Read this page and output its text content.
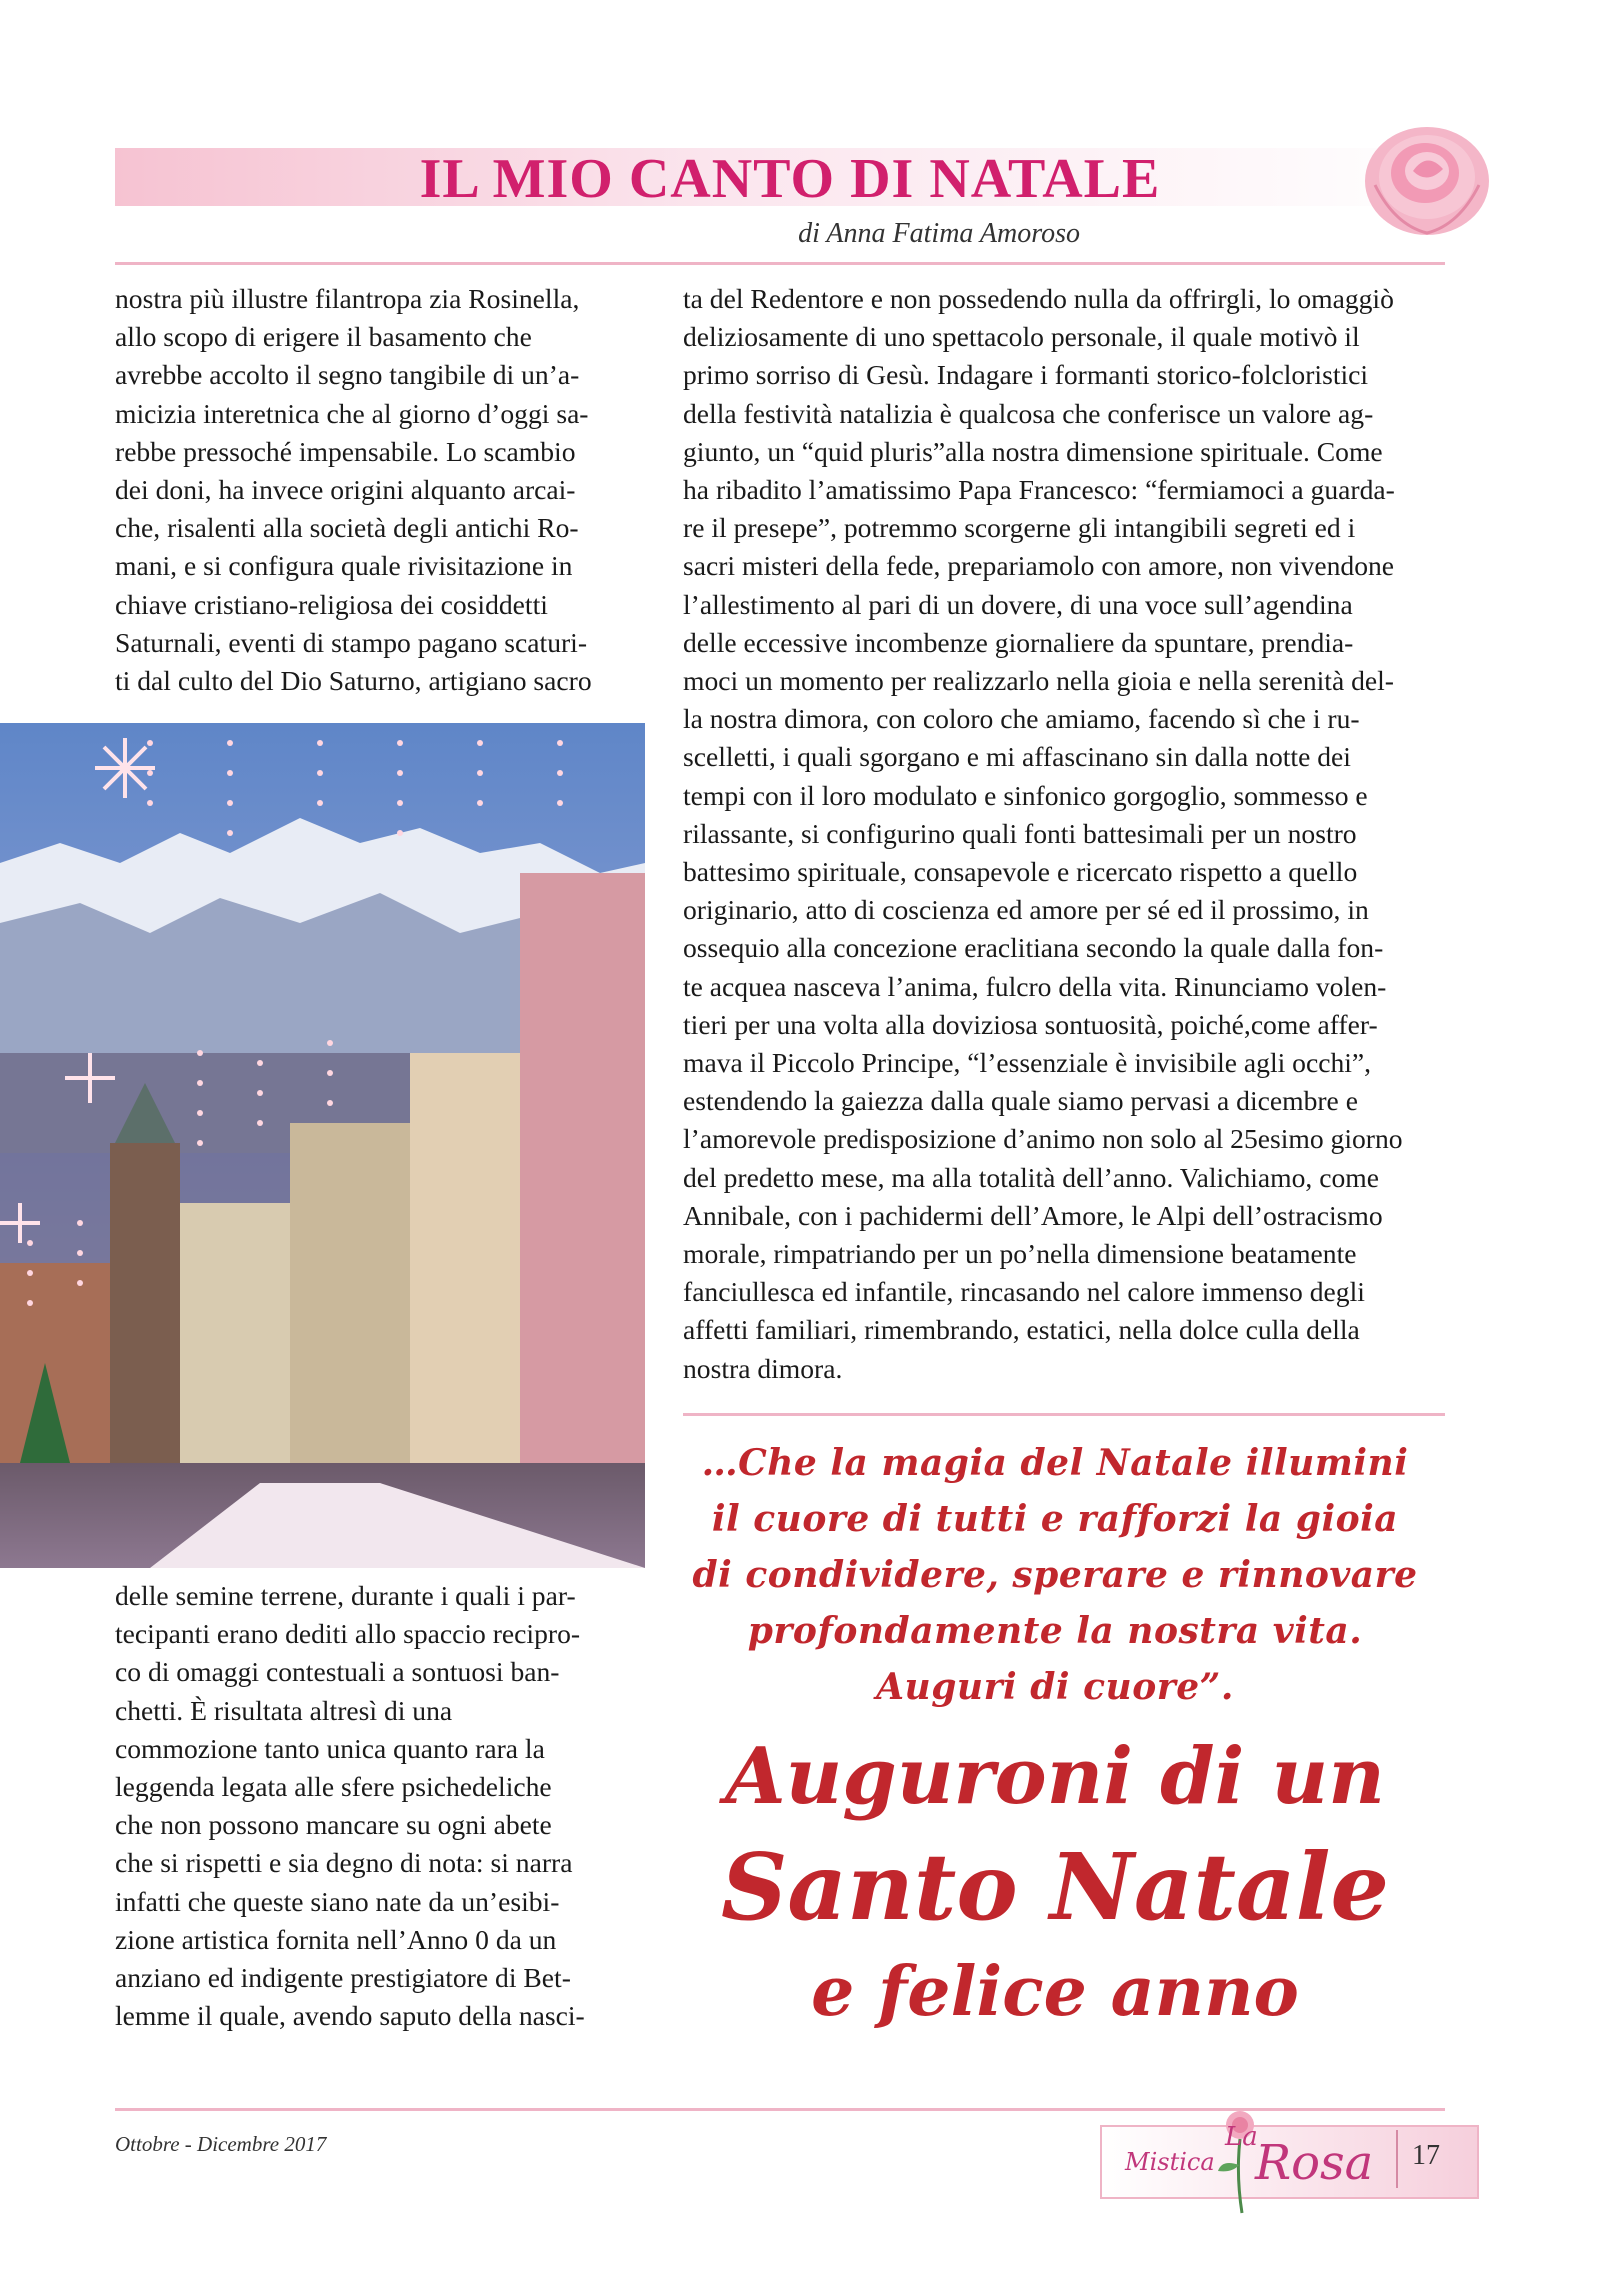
IL MIO CANTO DI NATALE
di Anna Fatima Amoroso

nostra più illustre filantropa zia Rosinella,

allo scopo di erigere il basamento che

avrebbe accolto il segno tangibile di un’a-

micizia interetnica che al giorno d’oggi sa-

rebbe pressoché impensabile. Lo scambio

dei doni, ha invece origini alquanto arcai-

che, risalenti alla società degli antichi Ro-

mani, e si configura quale rivisitazione in

chiave cristiano-religiosa dei cosiddetti

Saturnali, eventi di stampo pagano scaturi-

ti dal culto del Dio Saturno, artigiano sacro

delle semine terrene, durante i quali i par-

tecipanti erano dediti allo spaccio recipro-

co di omaggi contestuali a sontuosi ban-

chetti. È risultata altresì di una

commozione tanto unica quanto rara la

leggenda legata alle sfere psichedeliche

che non possono mancare su ogni abete

che si rispetti e sia degno di nota: si narra

infatti che queste siano nate da un’esibi-

zione artistica fornita nell’Anno 0 da un

anziano ed indigente prestigiatore di Bet-

lemme il quale, avendo saputo della nasci-

ta del Redentore e non possedendo nulla da offrirgli, lo omaggiò

deliziosamente di uno spettacolo personale, il quale motivò il

primo sorriso di Gesù. Indagare i formanti storico-folcloristici

della festività natalizia è qualcosa che conferisce un valore ag-

giunto, un “quid pluris”alla nostra dimensione spirituale. Come

ha ribadito l’amatissimo Papa Francesco: “fermiamoci a guarda-

re il presepe”, potremmo scorgerne gli intangibili segreti ed i

sacri misteri della fede, prepariamolo con amore, non vivendone

l’allestimento al pari di un dovere, di una voce sull’agendina

delle eccessive incombenze giornaliere da spuntare, prendia-

moci un momento per realizzarlo nella gioia e nella serenità del-

la nostra dimora, con coloro che amiamo, facendo sì che i ru-

scelletti, i quali sgorgano e mi affascinano sin dalla notte dei

tempi con il loro modulato e sinfonico gorgoglio, sommesso e

rilassante, si configurino quali fonti battesimali per un nostro

battesimo spirituale, consapevole e ricercato rispetto a quello

originario, atto di coscienza ed amore per sé ed il prossimo, in

ossequio alla concezione eraclitiana secondo la quale dalla fon-

te acquea nasceva l’anima, fulcro della vita. Rinunciamo volen-

tieri per una volta alla doviziosa sontuosità, poiché,come affer-

mava il Piccolo Principe, “l’essenziale è invisibile agli occhi”,

estendendo la gaiezza dalla quale siamo pervasi a dicembre e

l’amorevole predisposizione d’animo non solo al 25esimo giorno

del predetto mese, ma alla totalità dell’anno. Valichiamo, come

Annibale, con i pachidermi dell’Amore, le Alpi dell’ostracismo

morale, rimpatriando per un po’nella dimensione beatamente

fanciullesca ed infantile, rincasando nel calore immenso degli

affetti familiari, rimembrando, estatici, nella dolce culla della

nostra dimora.

…Che la magia del Natale illumini
il cuore di tutti e rafforzi la gioia
di condividere, sperare e rinnovare
profondamente la nostra vita.
Auguri di cuore”.
Auguroni di un
Santo Natale
e felice anno
Ottobre - Dicembre 2017	La
Mistica Rosa 17
